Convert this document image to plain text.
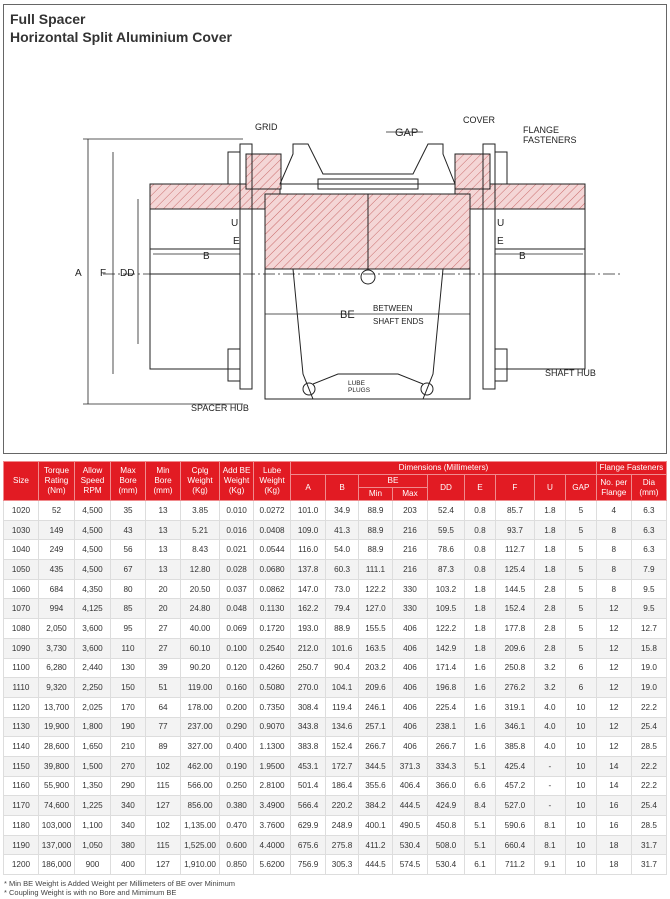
Full Spacer
Horizontal Split Aluminium Cover
GRID	GAP
COVER
FLANGE
FASTENERS
A F DD
B	B
U	U
E	E
BE
BETWEEN
SHAFT ENDS
LUBE
PLUGS
SPACER HUB
SHAFT HUB
Size	Torque Rating (Nm)	Allow Speed RPM	Max Bore (mm)	Min Bore (mm)	Cplg Weight (Kg)	Add BE Weight (Kg)	Lube Weight (Kg)	Dimensions (Millimeters)									Flange Fasteners	
								A	B	BE		DD	E	F	U	GAP	No. per Flange	Dia (mm)
										Min	Max							
1020	52	4,500	35	13	3.85	0.010	0.0272	101.0	34.9	88.9	203	52.4	0.8	85.7	1.8	5	4	6.3
1030	149	4,500	43	13	5.21	0.016	0.0408	109.0	41.3	88.9	216	59.5	0.8	93.7	1.8	5	8	6.3
1040	249	4,500	56	13	8.43	0.021	0.0544	116.0	54.0	88.9	216	78.6	0.8	112.7	1.8	5	8	6.3
1050	435	4,500	67	13	12.80	0.028	0.0680	137.8	60.3	111.1	216	87.3	0.8	125.4	1.8	5	8	7.9
1060	684	4,350	80	20	20.50	0.037	0.0862	147.0	73.0	122.2	330	103.2	1.8	144.5	2.8	5	8	9.5
1070	994	4,125	85	20	24.80	0.048	0.1130	162.2	79.4	127.0	330	109.5	1.8	152.4	2.8	5	12	9.5
1080	2,050	3,600	95	27	40.00	0.069	0.1720	193.0	88.9	155.5	406	122.2	1.8	177.8	2.8	5	12	12.7
1090	3,730	3,600	110	27	60.10	0.100	0.2540	212.0	101.6	163.5	406	142.9	1.8	209.6	2.8	5	12	15.8
1100	6,280	2,440	130	39	90.20	0.120	0.4260	250.7	90.4	203.2	406	171.4	1.6	250.8	3.2	6	12	19.0
1110	9,320	2,250	150	51	119.00	0.160	0.5080	270.0	104.1	209.6	406	196.8	1.6	276.2	3.2	6	12	19.0
1120	13,700	2,025	170	64	178.00	0.200	0.7350	308.4	119.4	246.1	406	225.4	1.6	319.1	4.0	10	12	22.2
1130	19,900	1,800	190	77	237.00	0.290	0.9070	343.8	134.6	257.1	406	238.1	1.6	346.1	4.0	10	12	25.4
1140	28,600	1,650	210	89	327.00	0.400	1.1300	383.8	152.4	266.7	406	266.7	1.6	385.8	4.0	10	12	28.5
1150	39,800	1,500	270	102	462.00	0.190	1.9500	453.1	172.7	344.5	371.3	334.3	5.1	425.4	-	10	14	22.2
1160	55,900	1,350	290	115	566.00	0.250	2.8100	501.4	186.4	355.6	406.4	366.0	6.6	457.2	-	10	14	22.2
1170	74,600	1,225	340	127	856.00	0.380	3.4900	566.4	220.2	384.2	444.5	424.9	8.4	527.0	-	10	16	25.4
1180	103,000	1,100	340	102	1,135.00	0.470	3.7600	629.9	248.9	400.1	490.5	450.8	5.1	590.6	8.1	10	16	28.5
1190	137,000	1,050	380	115	1,525.00	0.600	4.4000	675.6	275.8	411.2	530.4	508.0	5.1	660.4	8.1	10	18	31.7
1200	186,000	900	400	127	1,910.00	0.850	5.6200	756.9	305.3	444.5	574.5	530.4	6.1	711.2	9.1	10	18	31.7
* Min BE Weight is Added Weight per Millimeters of BE over Minimum
* Coupling Weight is with no Bore and Mimimum BE
